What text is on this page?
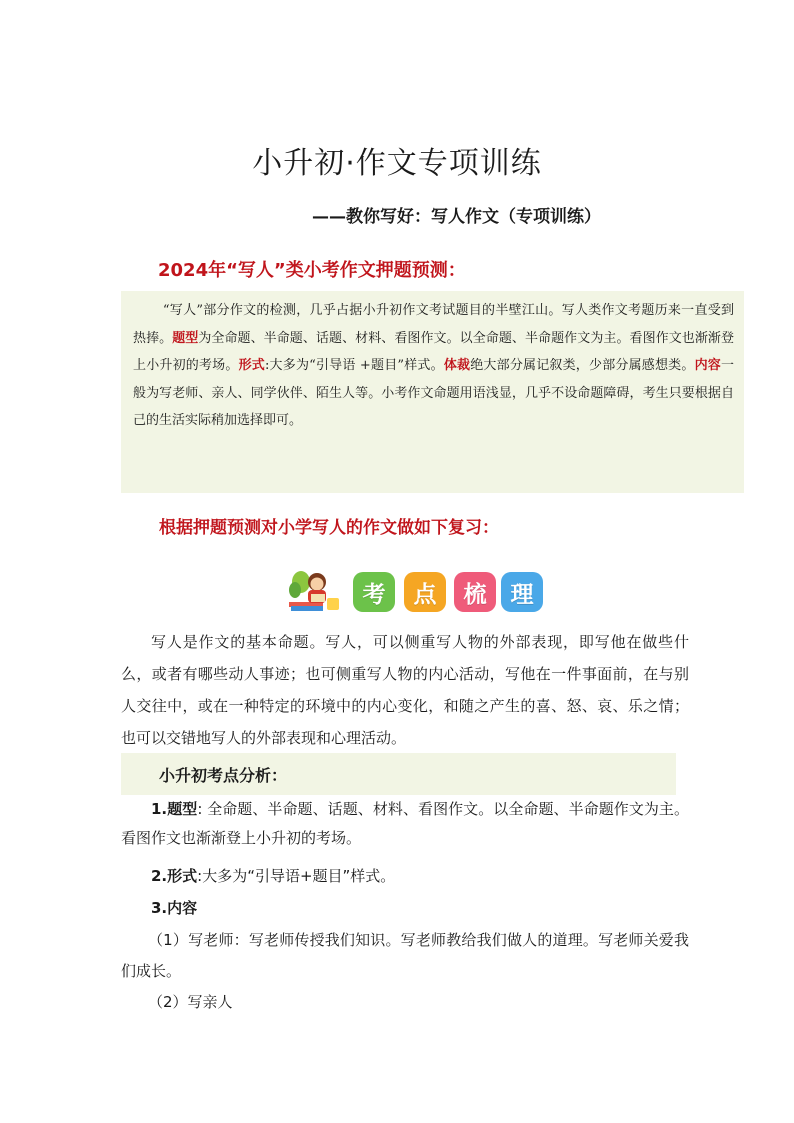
小升初·作文专项训练
——教你写好：写人作文（专项训练）
2024年“写人”类小考作文押题预测：

“写人”部分作文的检测，几乎占据小升初作文考试题目的半壁江山。写人类作文考题历来一直受到热捧。题型为全命题、半命题、话题、材料、看图作文。以全命题、半命题作文为主。看图作文也渐渐登上小升初的考场。形式:大多为“引导语 +题目”样式。体裁绝大部分属记叙类，少部分属感想类。内容一般为写老师、亲人、同学伙伴、陌生人等。小考作文命题用语浅显，几乎不设命题障碍，考生只要根据自己的生活实际稍加选择即可。

根据押题预测对小学写人的作文做如下复习：
考	点	梳	理

写人是作文的基本命题。写人，可以侧重写人物的外部表现，即写他在做些什么，或者有哪些动人事迹；也可侧重写人物的内心活动，写他在一件事面前，在与别人交往中，或在一种特定的环境中的内心变化，和随之产生的喜、怒、哀、乐之情；也可以交错地写人的外部表现和心理活动。

小升初考点分析：

1.题型: 全命题、半命题、话题、材料、看图作文。以全命题、半命题作文为主。看图作文也渐渐登上小升初的考场。

2.形式:大多为“引导语+题目”样式。
3.内容

（1）写老师：写老师传授我们知识。写老师教给我们做人的道理。写老师关爱我们成长。

（2）写亲人
